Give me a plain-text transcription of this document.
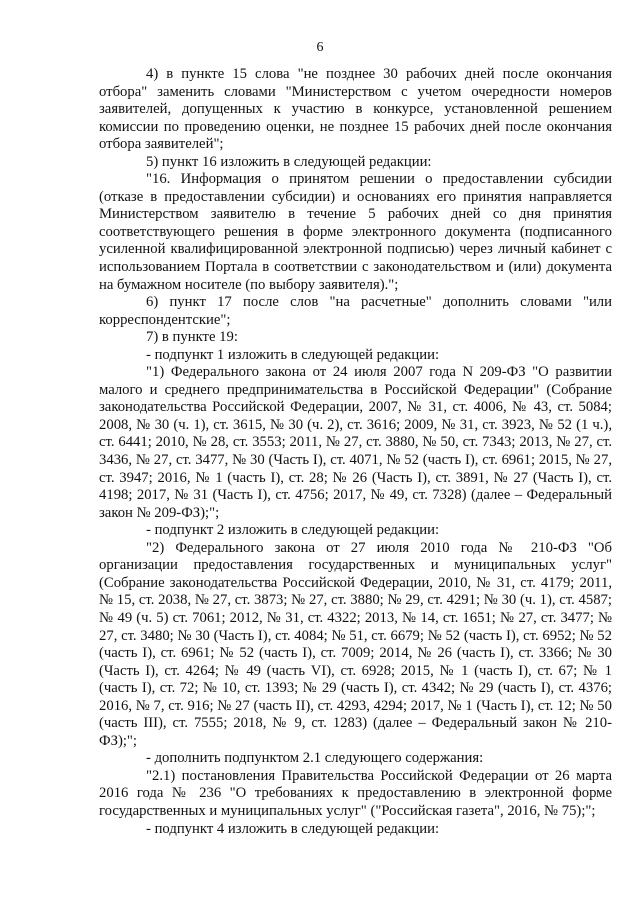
6

4) в пункте 15 слова "не позднее 30 рабочих дней после окончания отбора" заменить словами "Министерством с учетом очередности номеров заявителей, допущенных к участию в конкурсе, установленной решением комиссии по проведению оценки, не позднее 15 рабочих дней после окончания отбора заявителей";

5) пункт 16 изложить в следующей редакции:

"16. Информация о принятом решении о предоставлении субсидии (отказе в предоставлении субсидии) и основаниях его принятия направляется Министерством заявителю в течение 5 рабочих дней со дня принятия соответствующего решения в форме электронного документа (подписанного усиленной квалифицированной электронной подписью) через личный кабинет с использованием Портала в соответствии с законодательством и (или) документа на бумажном носителе (по выбору заявителя).";

6) пункт 17 после слов "на расчетные" дополнить словами "или корреспондентские";

7) в пункте 19:

- подпункт 1 изложить в следующей редакции:

"1) Федерального закона от 24 июля 2007 года N 209-ФЗ "О развитии малого и среднего предпринимательства в Российской Федерации" (Собрание законодательства Российской Федерации, 2007, № 31, ст. 4006, № 43, ст. 5084; 2008, № 30 (ч. 1), ст. 3615, № 30 (ч. 2), ст. 3616; 2009, № 31, ст. 3923, № 52 (1 ч.), ст. 6441; 2010, № 28, ст. 3553; 2011, № 27, ст. 3880, № 50, ст. 7343; 2013, № 27, ст. 3436, № 27, ст. 3477, № 30 (Часть I), ст. 4071, № 52 (часть I), ст. 6961; 2015, № 27, ст. 3947; 2016, № 1 (часть I), ст. 28; № 26 (Часть I), ст. 3891, № 27 (Часть I), ст. 4198; 2017, № 31 (Часть I), ст. 4756; 2017, № 49, ст. 7328) (далее – Федеральный закон № 209-ФЗ);";

- подпункт 2 изложить в следующей редакции:

"2) Федерального закона от 27 июля 2010 года № 210-ФЗ "Об организации предоставления государственных и муниципальных услуг" (Собрание законодательства Российской Федерации, 2010, № 31, ст. 4179; 2011, № 15, ст. 2038, № 27, ст. 3873; № 27, ст. 3880; № 29, ст. 4291; № 30 (ч. 1), ст. 4587; № 49 (ч. 5) ст. 7061; 2012, № 31, ст. 4322; 2013, № 14, ст. 1651; № 27, ст. 3477; № 27, ст. 3480; № 30 (Часть I), ст. 4084; № 51, ст. 6679; № 52 (часть I), ст. 6952; № 52 (часть I), ст. 6961; № 52 (часть I), ст. 7009; 2014, № 26 (часть I), ст. 3366; № 30 (Часть I), ст. 4264; № 49 (часть VI), ст. 6928; 2015, № 1 (часть I), ст. 67; № 1 (часть I), ст. 72; № 10, ст. 1393; № 29 (часть I), ст. 4342; № 29 (часть I), ст. 4376; 2016, № 7, ст. 916; № 27 (часть II), ст. 4293, 4294; 2017, № 1 (Часть I), ст. 12; № 50 (часть III), ст. 7555; 2018, № 9, ст. 1283) (далее – Федеральный закон № 210-ФЗ);";

- дополнить подпунктом 2.1 следующего содержания:

"2.1) постановления Правительства Российской Федерации от 26 марта 2016 года № 236 "О требованиях к предоставлению в электронной форме государственных и муниципальных услуг" ("Российская газета", 2016, № 75);";

- подпункт 4 изложить в следующей редакции:
